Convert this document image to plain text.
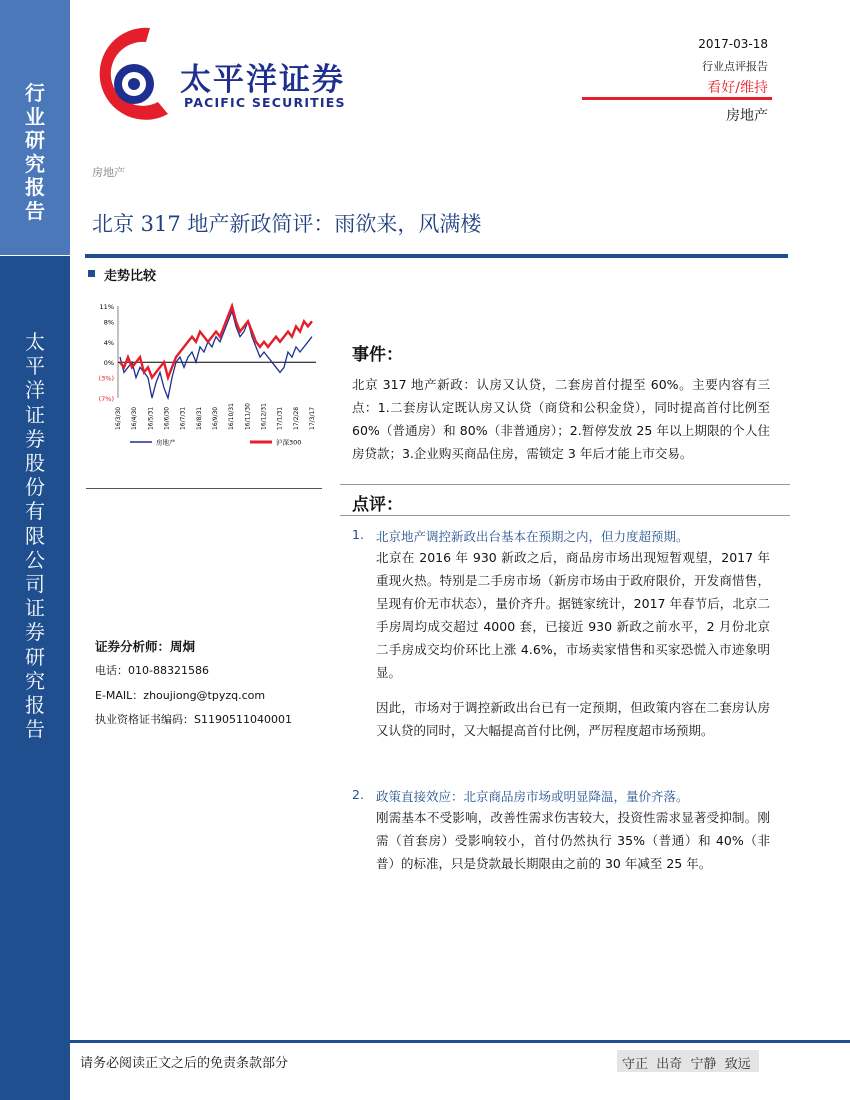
行
业
研
究
报
告
太
平
洋
证
券
股
份
有
限
公
司
证
券
研
究
报
告
太平洋证券
PACIFIC SECURITIES
2017-03-18
行业点评报告
看好/维持
房地产
房地产
北京 317 地产新政简评：雨欲来，风满楼
走势比较
11%
8%
4%
0%
(3%)
(7%)
16/3/30 16/4/30 16/5/31 16/6/30 16/7/31 16/8/31 16/9/30 16/10/31 16/11/30 16/12/31 17/1/31 17/2/28 17/3/17
房地产	沪深300
证券分析师：周炯
电话：010-88321586
E-MAIL：zhoujiong@tpyzq.com
执业资格证书编码：S1190511040001
事件：

北京 317 地产新政：认房又认贷，二套房首付提至 60%。主要内容有三点：1.二套房认定既认房又认贷（商贷和公积金贷），同时提高首付比例至 60%（普通房）和 80%（非普通房）；2.暂停发放 25 年以上期限的个人住房贷款；3.企业购买商品住房，需锁定 3 年后才能上市交易。

点评：
1. 北京地产调控新政出台基本在预期之内，但力度超预期。

北京在 2016 年 930 新政之后，商品房市场出现短暂观望，2017 年重现火热。特别是二手房市场（新房市场由于政府限价，开发商惜售，呈现有价无市状态），量价齐升。据链家统计，2017 年春节后，北京二手房周均成交超过 4000 套，已接近 930 新政之前水平，2 月份北京二手房成交均价环比上涨 4.6%，市场卖家惜售和买家恐慌入市迹象明显。

因此，市场对于调控新政出台已有一定预期，但政策内容在二套房认房又认贷的同时，又大幅提高首付比例，严厉程度超市场预期。

2. 政策直接效应：北京商品房市场或明显降温，量价齐落。

刚需基本不受影响，改善性需求伤害较大，投资性需求显著受抑制。刚需（首套房）受影响较小，首付仍然执行 35%（普通）和 40%（非普）的标准，只是贷款最长期限由之前的 30 年减至 25 年。

请务必阅读正文之后的免责条款部分	守正  出奇  宁静  致远
